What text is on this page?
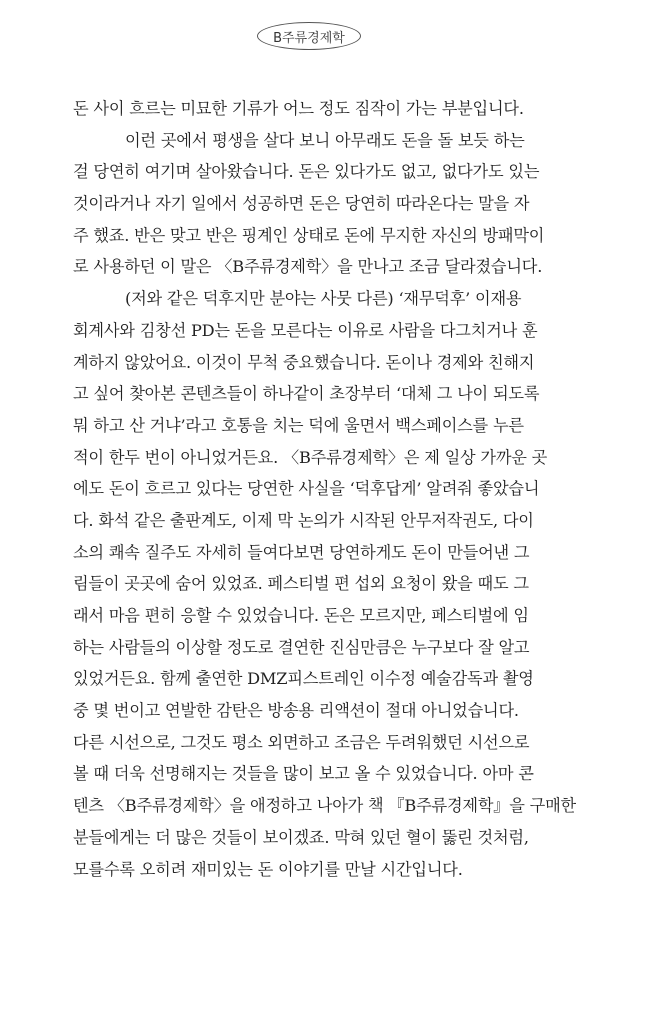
B주류경제학
돈 사이 흐르는 미묘한 기류가 어느 정도 짐작이 가는 부분입니다.
이런 곳에서 평생을 살다 보니 아무래도 돈을 돌 보듯 하는
걸 당연히 여기며 살아왔습니다. 돈은 있다가도 없고, 없다가도 있는
것이라거나 자기 일에서 성공하면 돈은 당연히 따라온다는 말을 자
주 했죠. 반은 맞고 반은 핑계인 상태로 돈에 무지한 자신의 방패막이
로 사용하던 이 말은 〈B주류경제학〉을 만나고 조금 달라졌습니다.
(저와 같은 덕후지만 분야는 사뭇 다른) ‘재무덕후’ 이재용
회계사와 김창선 PD는 돈을 모른다는 이유로 사람을 다그치거나 훈
계하지 않았어요. 이것이 무척 중요했습니다. 돈이나 경제와 친해지
고 싶어 찾아본 콘텐츠들이 하나같이 초장부터 ‘대체 그 나이 되도록
뭐 하고 산 거냐’라고 호통을 치는 덕에 울면서 백스페이스를 누른
적이 한두 번이 아니었거든요. 〈B주류경제학〉은 제 일상 가까운 곳
에도 돈이 흐르고 있다는 당연한 사실을 ‘덕후답게’ 알려줘 좋았습니
다. 화석 같은 출판계도, 이제 막 논의가 시작된 안무저작권도, 다이
소의 쾌속 질주도 자세히 들여다보면 당연하게도 돈이 만들어낸 그
림들이 곳곳에 숨어 있었죠. 페스티벌 편 섭외 요청이 왔을 때도 그
래서 마음 편히 응할 수 있었습니다. 돈은 모르지만, 페스티벌에 임
하는 사람들의 이상할 정도로 결연한 진심만큼은 누구보다 잘 알고
있었거든요. 함께 출연한 DMZ피스트레인 이수정 예술감독과 촬영
중 몇 번이고 연발한 감탄은 방송용 리액션이 절대 아니었습니다.
다른 시선으로, 그것도 평소 외면하고 조금은 두려워했던 시선으로
볼 때 더욱 선명해지는 것들을 많이 보고 올 수 있었습니다. 아마 콘
텐츠 〈B주류경제학〉을 애정하고 나아가 책 『B주류경제학』을 구매한
분들에게는 더 많은 것들이 보이겠죠. 막혀 있던 혈이 뚫린 것처럼,
모를수록 오히려 재미있는 돈 이야기를 만날 시간입니다.
